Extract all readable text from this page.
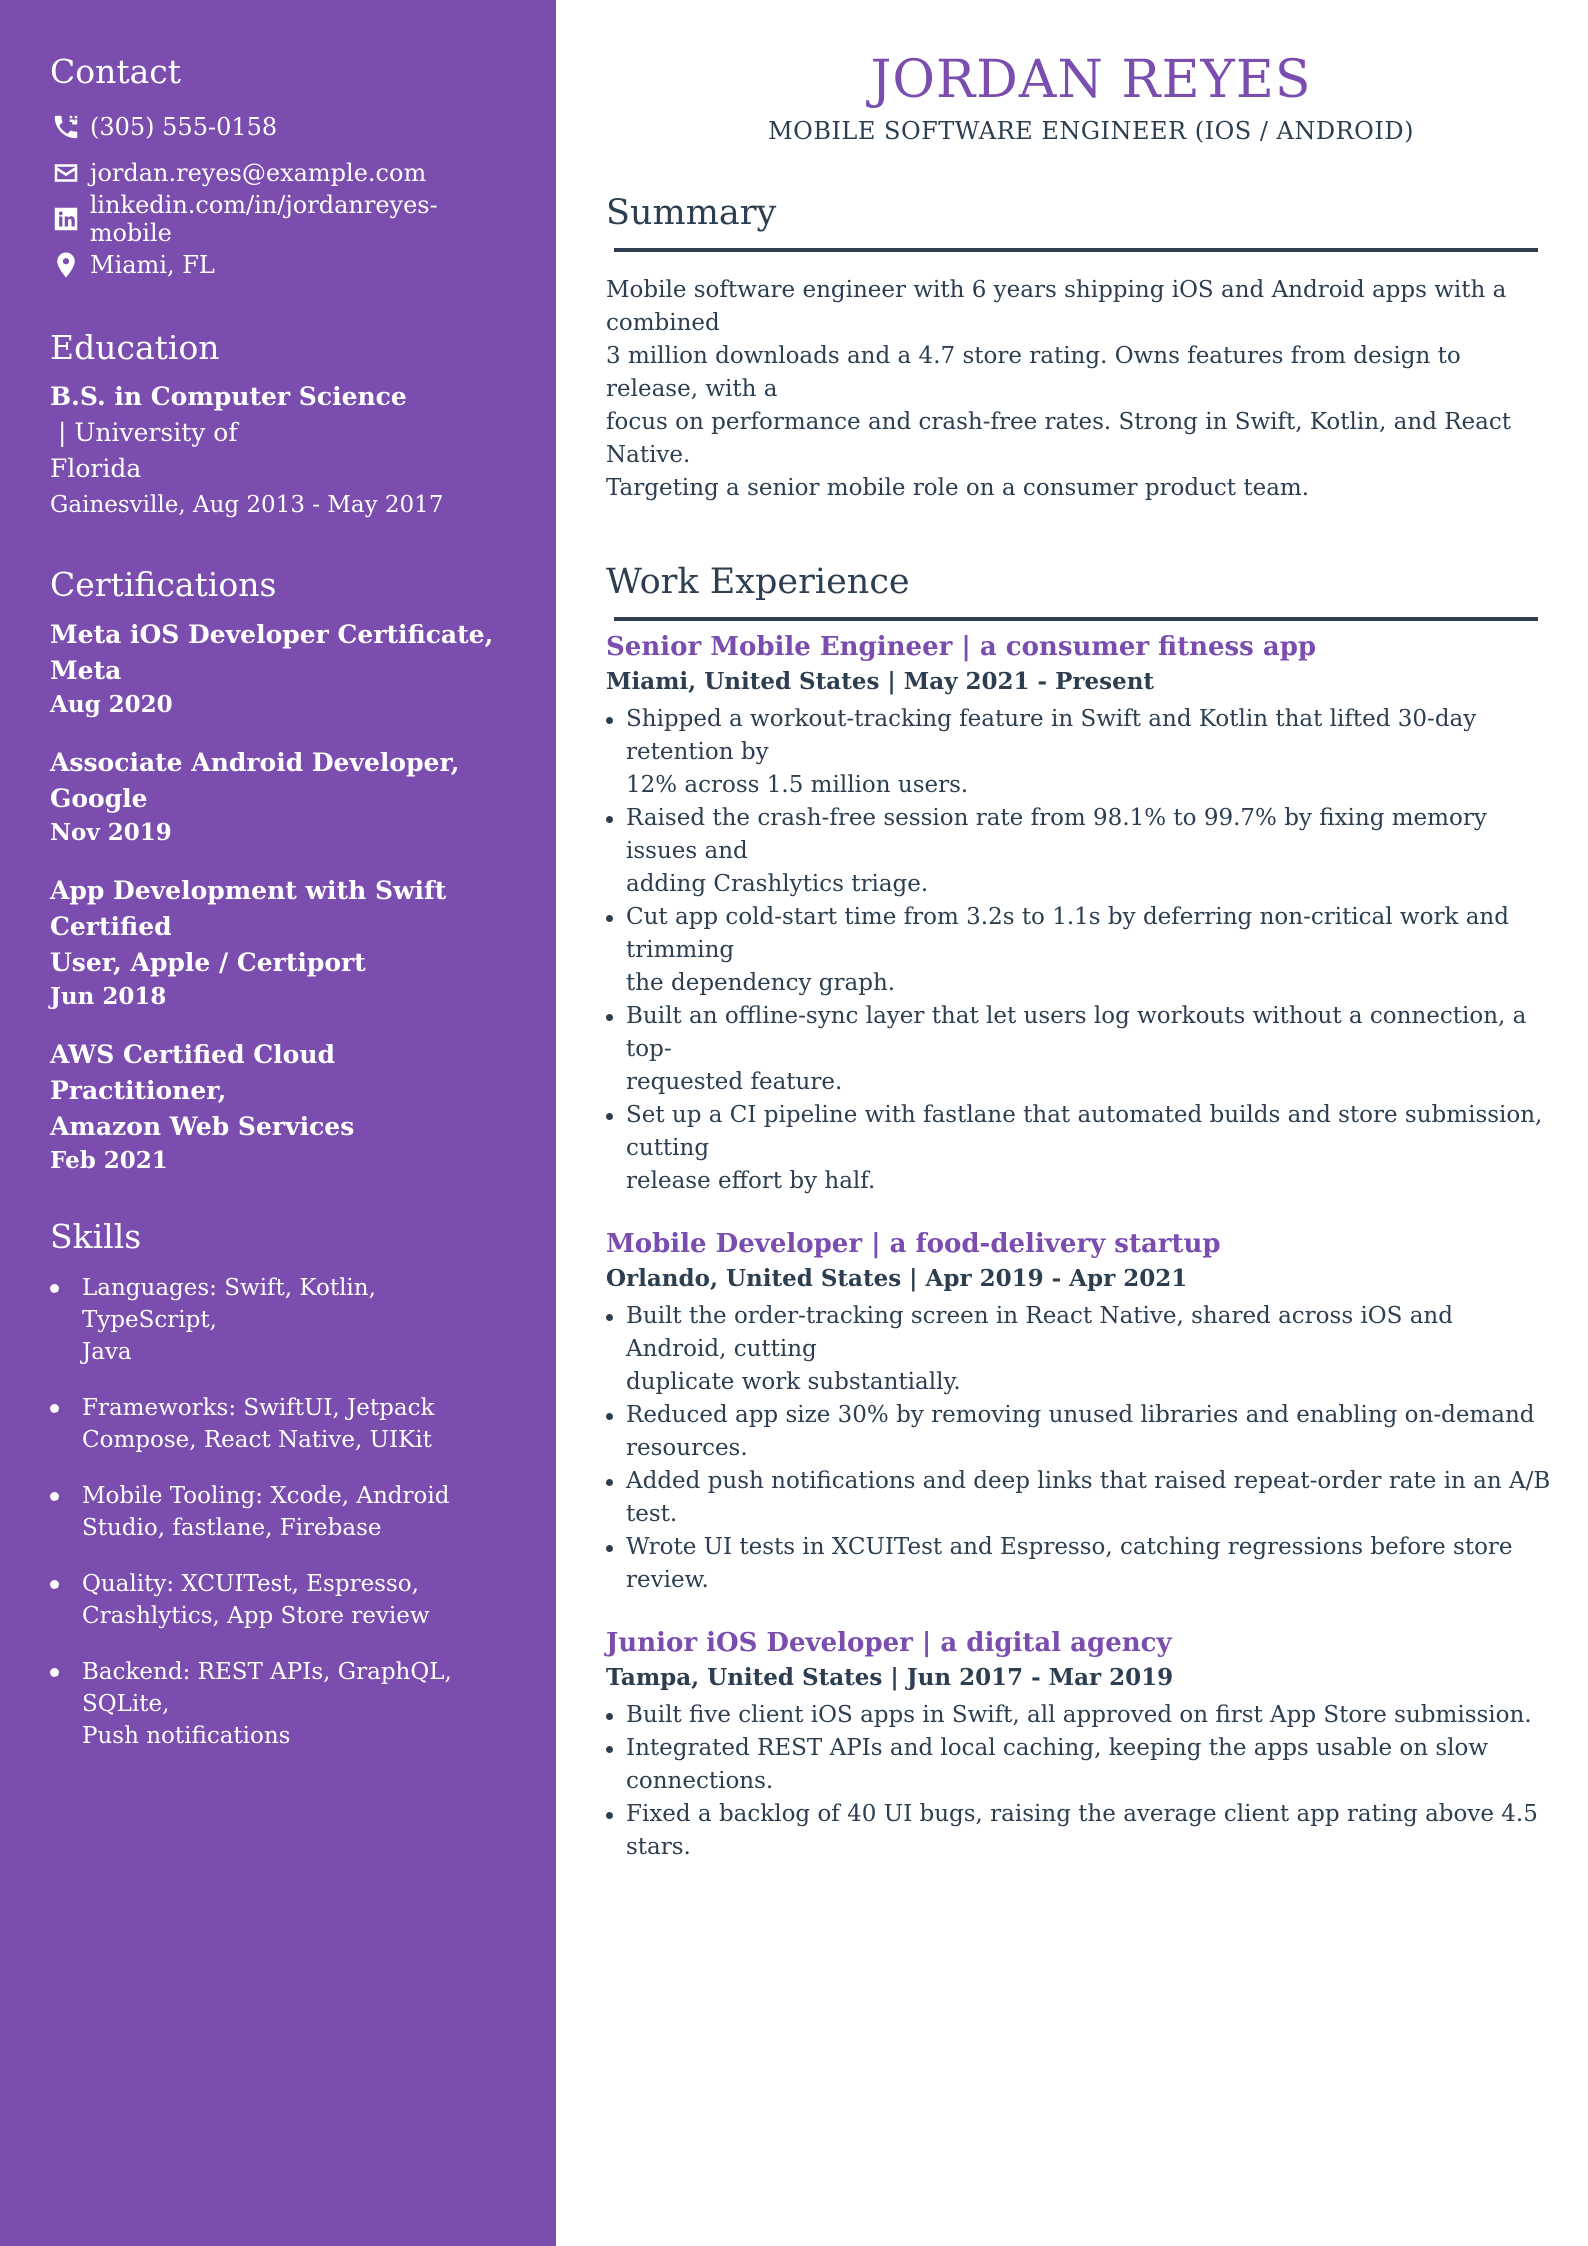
Contact
(305) 555-0158
jordan.reyes@example.com
linkedin.com/in/jordanreyes-mobile
Miami, FL
Education
B.S. in Computer Science | University of
Florida
Gainesville, Aug 2013 - May 2017
Certifications
Meta iOS Developer Certificate, Meta
Aug 2020
Associate Android Developer, Google
Nov 2019
App Development with Swift Certified
User, Apple / Certiport
Jun 2018
AWS Certified Cloud Practitioner,
Amazon Web Services
Feb 2021
Skills
Languages: Swift, Kotlin, TypeScript,
Java
Frameworks: SwiftUI, Jetpack
Compose, React Native, UIKit
Mobile Tooling: Xcode, Android
Studio, fastlane, Firebase
Quality: XCUITest, Espresso,
Crashlytics, App Store review
Backend: REST APIs, GraphQL, SQLite,
Push notifications
JORDAN REYES
MOBILE SOFTWARE ENGINEER (IOS / ANDROID)
Summary
Mobile software engineer with 6 years shipping iOS and Android apps with a combined
3 million downloads and a 4.7 store rating. Owns features from design to release, with a
focus on performance and crash-free rates. Strong in Swift, Kotlin, and React Native.
Targeting a senior mobile role on a consumer product team.
Work Experience
Senior Mobile Engineer | a consumer fitness app
Miami, United States | May 2021 - Present
Shipped a workout-tracking feature in Swift and Kotlin that lifted 30-day retention by
12% across 1.5 million users.
Raised the crash-free session rate from 98.1% to 99.7% by fixing memory issues and
adding Crashlytics triage.
Cut app cold-start time from 3.2s to 1.1s by deferring non-critical work and trimming
the dependency graph.
Built an offline-sync layer that let users log workouts without a connection, a top-
requested feature.
Set up a CI pipeline with fastlane that automated builds and store submission, cutting
release effort by half.
Mobile Developer | a food-delivery startup
Orlando, United States | Apr 2019 - Apr 2021
Built the order-tracking screen in React Native, shared across iOS and Android, cutting
duplicate work substantially.
Reduced app size 30% by removing unused libraries and enabling on-demand
resources.
Added push notifications and deep links that raised repeat-order rate in an A/B test.
Wrote UI tests in XCUITest and Espresso, catching regressions before store review.
Junior iOS Developer | a digital agency
Tampa, United States | Jun 2017 - Mar 2019
Built five client iOS apps in Swift, all approved on first App Store submission.
Integrated REST APIs and local caching, keeping the apps usable on slow connections.
Fixed a backlog of 40 UI bugs, raising the average client app rating above 4.5 stars.
